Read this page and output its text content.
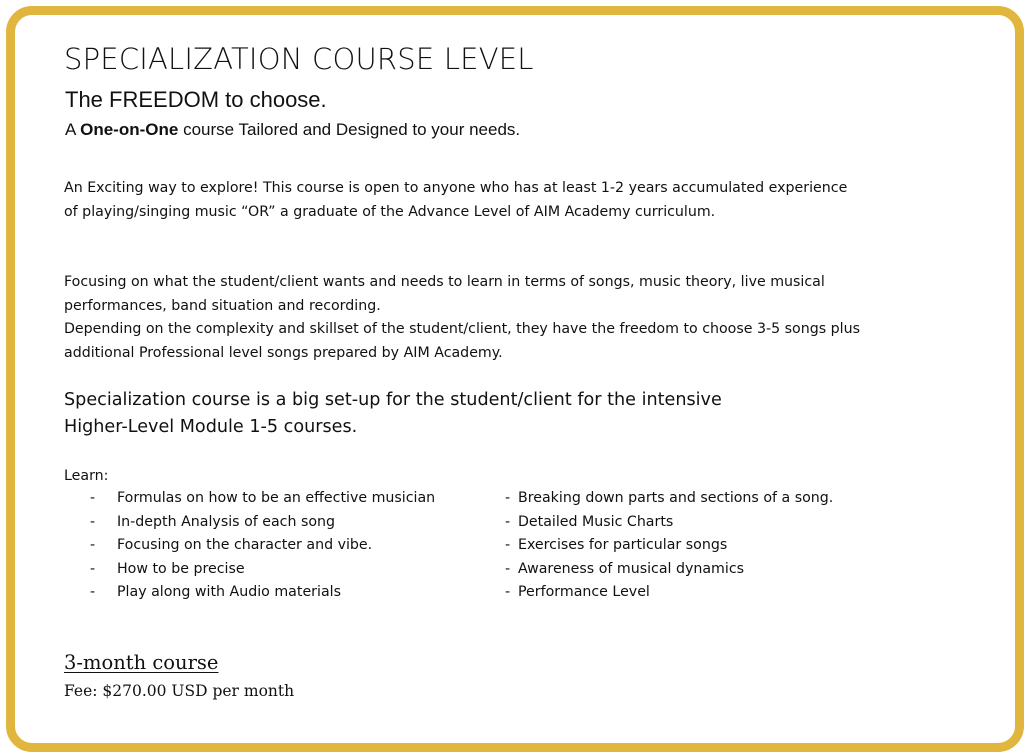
SPECIALIZATION COURSE LEVEL
The FREEDOM to choose.
A One-on-One course Tailored and Designed to your needs.
An Exciting way to explore! This course is open to anyone who has at least 1-2 years accumulated experience of playing/singing music “OR” a graduate of the Advance Level of AIM Academy curriculum.
Focusing on what the student/client wants and needs to learn in terms of songs, music theory, live musical performances, band situation and recording.
Depending on the complexity and skillset of the student/client, they have the freedom to choose 3-5 songs plus additional Professional level songs prepared by AIM Academy.
Specialization course is a big set-up for the student/client for the intensive Higher-Level Module 1-5 courses.
Learn:
- Formulas on how to be an effective musician
- In-depth Analysis of each song
- Focusing on the character and vibe.
- How to be precise
- Play along with Audio materials
- Breaking down parts and sections of a song.
- Detailed Music Charts
- Exercises for particular songs
- Awareness of musical dynamics
- Performance Level
3-month course
Fee: $270.00 USD per month
